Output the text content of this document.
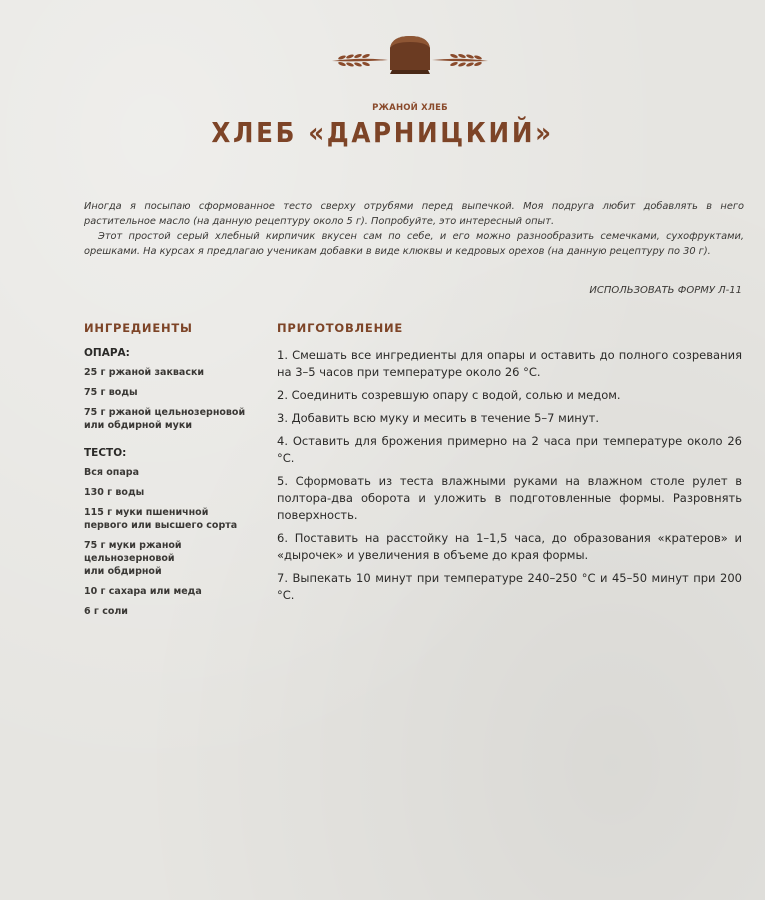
РЖАНОЙ ХЛЕБ
ХЛЕБ «ДАРНИЦКИЙ»

Иногда я посыпаю сформованное тесто сверху отрубями перед выпечкой. Моя подруга любит добавлять в него растительное масло (на данную рецептуру около 5 г). Попробуйте, это интересный опыт.

Этот простой серый хлебный кирпичик вкусен сам по себе, и его можно разнообразить семечками, сухофруктами, орешками. На курсах я предлагаю ученикам добавки в виде клюквы и кедровых орехов (на данную рецептуру по 30 г).

ИСПОЛЬЗОВАТЬ ФОРМУ Л-11
ИНГРЕДИЕНТЫ	ПРИГОТОВЛЕНИЕ
ОПАРА:
25 г ржаной закваски
75 г воды
75 г ржаной цельнозерновой
или обдирной муки
ТЕСТО:
Вся опара
130 г воды
115 г муки пшеничной
первого или высшего сорта
75 г муки ржаной
цельнозерновой
или обдирной
10 г сахара или меда
6 г соли
1. Смешать все ингредиенты для опары и оставить до полного созревания на 3–5 часов при температуре около 26 °С.
2. Соединить созревшую опару с водой, солью и медом.
3. Добавить всю муку и месить в течение 5–7 минут.
4. Оставить для брожения примерно на 2 часа при температуре около 26 °С.
5. Сформовать из теста влажными руками на влажном столе рулет в полтора-два оборота и уложить в подготовленные формы. Разровнять поверхность.
6. Поставить на расстойку на 1–1,5 часа, до образования «кратеров» и «дырочек» и увеличения в объеме до края формы.
7. Выпекать 10 минут при температуре 240–250 °С и 45–50 минут при 200 °С.
